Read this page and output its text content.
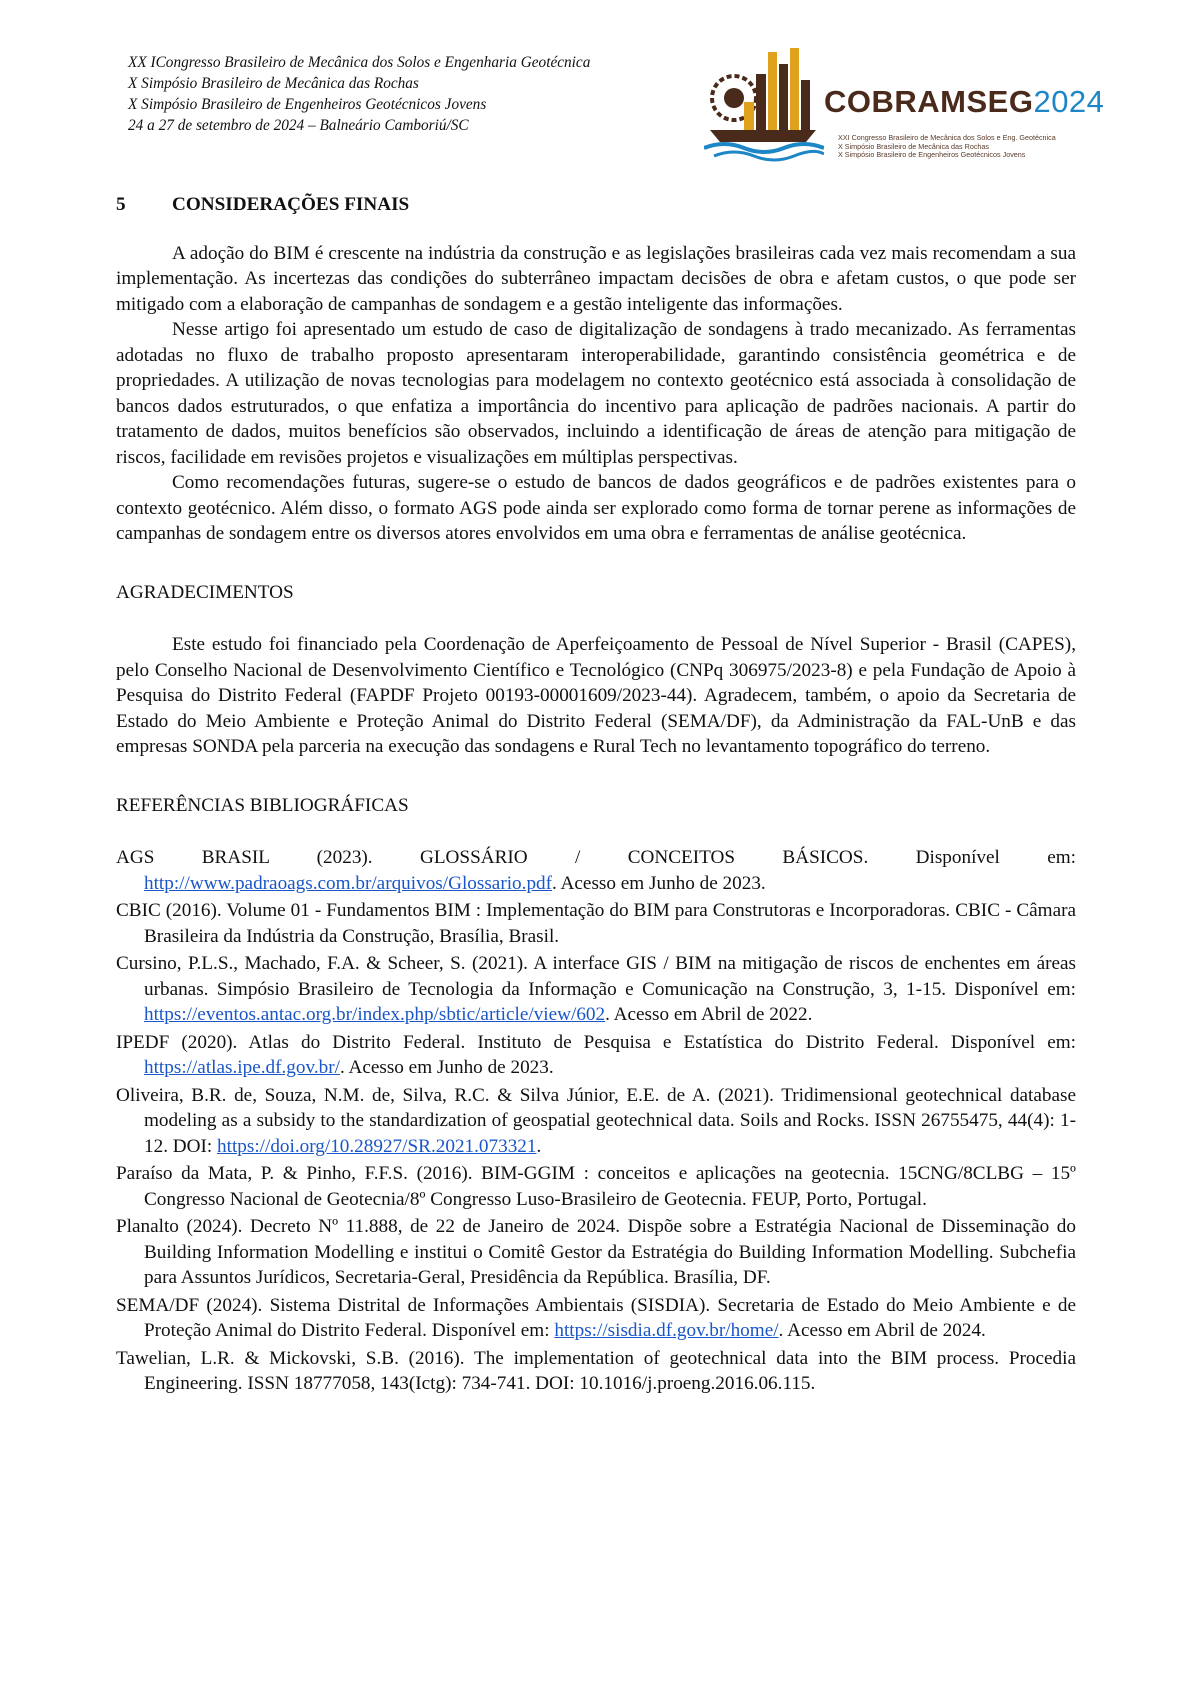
XX ICongresso Brasileiro de Mecânica dos Solos e Engenharia Geotécnica
X Simpósio Brasileiro de Mecânica das Rochas
X Simpósio Brasileiro de Engenheiros Geotécnicos Jovens
24 a 27 de setembro de 2024 – Balneário Camboriú/SC
COBRAMSEG2024
XXI Congresso Brasileiro de Mecânica dos Solos e Eng. Geotécnica
X Simpósio Brasileiro de Mecânica das Rochas
X Simpósio Brasileiro de Engenheiros Geotécnicos Jovens
5	CONSIDERAÇÕES FINAIS

A adoção do BIM é crescente na indústria da construção e as legislações brasileiras cada vez mais recomendam a sua implementação. As incertezas das condições do subterrâneo impactam decisões de obra e afetam custos, o que pode ser mitigado com a elaboração de campanhas de sondagem e a gestão inteligente das informações.

Nesse artigo foi apresentado um estudo de caso de digitalização de sondagens à trado mecanizado. As ferramentas adotadas no fluxo de trabalho proposto apresentaram interoperabilidade, garantindo consistência geométrica e de propriedades. A utilização de novas tecnologias para modelagem no contexto geotécnico está associada à consolidação de bancos dados estruturados, o que enfatiza a importância do incentivo para aplicação de padrões nacionais. A partir do tratamento de dados, muitos benefícios são observados, incluindo a identificação de áreas de atenção para mitigação de riscos, facilidade em revisões projetos e visualizações em múltiplas perspectivas.

Como recomendações futuras, sugere-se o estudo de bancos de dados geográficos e de padrões existentes para o contexto geotécnico. Além disso, o formato AGS pode ainda ser explorado como forma de tornar perene as informações de campanhas de sondagem entre os diversos atores envolvidos em uma obra e ferramentas de análise geotécnica.

AGRADECIMENTOS

Este estudo foi financiado pela Coordenação de Aperfeiçoamento de Pessoal de Nível Superior - Brasil (CAPES), pelo Conselho Nacional de Desenvolvimento Científico e Tecnológico (CNPq 306975/2023-8) e pela Fundação de Apoio à Pesquisa do Distrito Federal (FAPDF Projeto 00193-00001609/2023-44). Agradecem, também, o apoio da Secretaria de Estado do Meio Ambiente e Proteção Animal do Distrito Federal (SEMA/DF), da Administração da FAL-UnB e das empresas SONDA pela parceria na execução das sondagens e Rural Tech no levantamento topográfico do terreno.

REFERÊNCIAS BIBLIOGRÁFICAS

AGS BRASIL (2023). GLOSSÁRIO / CONCEITOS BÁSICOS. Disponível em:
http://www.padraoags.com.br/arquivos/Glossario.pdf. Acesso em Junho de 2023.

CBIC (2016). Volume 01 - Fundamentos BIM : Implementação do BIM para Construtoras e Incorporadoras. CBIC - Câmara Brasileira da Indústria da Construção, Brasília, Brasil.

Cursino, P.L.S., Machado, F.A. & Scheer, S. (2021). A interface GIS / BIM na mitigação de riscos de enchentes em áreas urbanas. Simpósio Brasileiro de Tecnologia da Informação e Comunicação na Construção, 3, 1-15. Disponível em: https://eventos.antac.org.br/index.php/sbtic/article/view/602. Acesso em Abril de 2022.

IPEDF (2020). Atlas do Distrito Federal. Instituto de Pesquisa e Estatística do Distrito Federal. Disponível em: https://atlas.ipe.df.gov.br/. Acesso em Junho de 2023.

Oliveira, B.R. de, Souza, N.M. de, Silva, R.C. & Silva Júnior, E.E. de A. (2021). Tridimensional geotechnical database modeling as a subsidy to the standardization of geospatial geotechnical data. Soils and Rocks. ISSN 26755475, 44(4): 1-12. DOI: https://doi.org/10.28927/SR.2021.073321.

Paraíso da Mata, P. & Pinho, F.F.S. (2016). BIM-GGIM : conceitos e aplicações na geotecnia. 15CNG/8CLBG – 15º Congresso Nacional de Geotecnia/8º Congresso Luso-Brasileiro de Geotecnia. FEUP, Porto, Portugal.

Planalto (2024). Decreto Nº 11.888, de 22 de Janeiro de 2024. Dispõe sobre a Estratégia Nacional de Disseminação do Building Information Modelling e institui o Comitê Gestor da Estratégia do Building Information Modelling. Subchefia para Assuntos Jurídicos, Secretaria-Geral, Presidência da República. Brasília, DF.

SEMA/DF (2024). Sistema Distrital de Informações Ambientais (SISDIA). Secretaria de Estado do Meio Ambiente e de Proteção Animal do Distrito Federal. Disponível em: https://sisdia.df.gov.br/home/. Acesso em Abril de 2024.

Tawelian, L.R. & Mickovski, S.B. (2016). The implementation of geotechnical data into the BIM process. Procedia Engineering. ISSN 18777058, 143(Ictg): 734-741. DOI: 10.1016/j.proeng.2016.06.115.
